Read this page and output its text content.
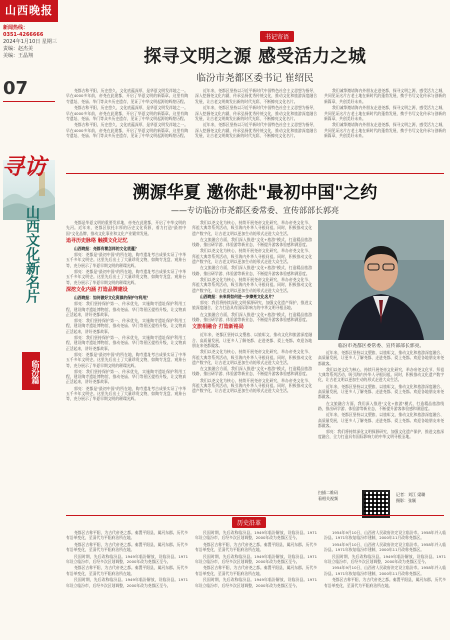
山西晚报
新闻热线：
0351-4266666
2024年1月10日 星期三
责编：赵杰美
美编：王晶翔
07
寻访
山西文化新名片
临汾篇
书记寄语
探寻文明之源 感受活力之城
临汾市尧都区委书记 崔绍民

尧都古称平阳，历史悠久，文化底蕴深厚，是华夏文明发祥地之一。早在4000多年前，帝尧在此建都，开启了华夏文明的新篇章。这里有陶寺遗址、尧庙、华门等众多历史遗存，见证了中华文明起源的辉煌历程。

尧都古称平阳，历史悠久，文化底蕴深厚，是华夏文明发祥地之一。早在4000多年前，帝尧在此建都，开启了华夏文明的新篇章。这里有陶寺遗址、尧庙、华门等众多历史遗存，见证了中华文明起源的辉煌历程。

尧都古称平阳，历史悠久，文化底蕴深厚，是华夏文明发祥地之一。早在4000多年前，帝尧在此建都，开启了华夏文明的新篇章。这里有陶寺遗址、尧庙、华门等众多历史遗存，见证了中华文明起源的辉煌历程。

近年来，尧都区坚持以习近平新时代中国特色社会主义思想为指导，深入挖掘尧文化内涵，传承弘扬优秀传统文化，推动文化和旅游深度融合发展，让古老文明焕发出新的时代光彩，不断擦亮文化名片。

近年来，尧都区坚持以习近平新时代中国特色社会主义思想为指导，深入挖掘尧文化内涵，传承弘扬优秀传统文化，推动文化和旅游深度融合发展，让古老文明焕发出新的时代光彩，不断擦亮文化名片。

近年来，尧都区坚持以习近平新时代中国特色社会主义思想为指导，深入挖掘尧文化内涵，传承弘扬优秀传统文化，推动文化和旅游深度融合发展，让古老文明焕发出新的时代光彩，不断擦亮文化名片。

我们诚挚邀请海内外朋友走进尧都，探寻文明之源，感受活力之城，共同见证这片古老土地在新时代的蓬勃发展，携手书写文化传承与创新的新篇章，共创美好未来。

我们诚挚邀请海内外朋友走进尧都，探寻文明之源，感受活力之城，共同见证这片古老土地在新时代的蓬勃发展，携手书写文化传承与创新的新篇章，共创美好未来。

我们诚挚邀请海内外朋友走进尧都，探寻文明之源，感受活力之城，共同见证这片古老土地在新时代的蓬勃发展，携手书写文化传承与创新的新篇章，共创美好未来。

溯源华夏 邀你赴"最初中国"之约
——专访临汾市尧都区委常委、宣传部部长郭亮

尧都是华夏文明的重要发祥地，帝尧在此建都，开启了中华文明的先河。近年来，尧都区依托丰厚的历史文化资源，着力打造"最初中国"文化品牌，推动文化事业和文化产业繁荣发展。

追寻历史脉络 触摸文化记忆

山西晚报：尧都有着怎样的文化底蕴？

郭亮：尧都是"最初中国"的所在地，陶寺遗址考古成果实证了中华五千多年文明史。这里先后出土了大量珍贵文物，如陶寺龙盘、观象台等，充分展示了华夏早期文明的璀璨光辉。

郭亮：尧都是"最初中国"的所在地，陶寺遗址考古成果实证了中华五千多年文明史。这里先后出土了大量珍贵文物，如陶寺龙盘、观象台等，充分展示了华夏早期文明的璀璨光辉。

深挖文化内涵 打造品牌建设

山西晚报：如何做好文化资源的保护与利用？

郭亮：我们坚持保护第一、传承优先，实施陶寺遗址保护利用工程，建设陶寺遗址博物馆，推动尧庙、华门等景区提档升级，让文物真正活起来，讲好尧都故事。

郭亮：我们坚持保护第一、传承优先，实施陶寺遗址保护利用工程，建设陶寺遗址博物馆，推动尧庙、华门等景区提档升级，让文物真正活起来，讲好尧都故事。

郭亮：我们坚持保护第一、传承优先，实施陶寺遗址保护利用工程，建设陶寺遗址博物馆，推动尧庙、华门等景区提档升级，让文物真正活起来，讲好尧都故事。

郭亮：尧都是"最初中国"的所在地，陶寺遗址考古成果实证了中华五千多年文明史。这里先后出土了大量珍贵文物，如陶寺龙盘、观象台等，充分展示了华夏早期文明的璀璨光辉。

郭亮：我们坚持保护第一、传承优先，实施陶寺遗址保护利用工程，建设陶寺遗址博物馆，推动尧庙、华门等景区提档升级，让文物真正活起来，讲好尧都故事。

郭亮：尧都是"最初中国"的所在地，陶寺遗址考古成果实证了中华五千多年文明史。这里先后出土了大量珍贵文物，如陶寺龙盘、观象台等，充分展示了华夏早期文明的璀璨光辉。

我们以尧文化为核心，持续开展尧帝文化研究，举办帝尧文化节、拜祖大典等系列活动，吸引海内外华人寻根问祖。同时，积极推动文化遗产数字化，让古老文明以更加生动的形式走进大众生活。

在文旅融合方面，我们深入推进"文化+旅游"模式，打造精品旅游线路，推出研学游、体验游等新业态，不断提升游客体验感和满意度。

我们以尧文化为核心，持续开展尧帝文化研究，举办帝尧文化节、拜祖大典等系列活动，吸引海内外华人寻根问祖。同时，积极推动文化遗产数字化，让古老文明以更加生动的形式走进大众生活。

在文旅融合方面，我们深入推进"文化+旅游"模式，打造精品旅游线路，推出研学游、体验游等新业态，不断提升游客体验感和满意度。

我们以尧文化为核心，持续开展尧帝文化研究，举办帝尧文化节、拜祖大典等系列活动，吸引海内外华人寻根问祖。同时，积极推动文化遗产数字化，让古老文明以更加生动的形式走进大众生活。

山西晚报：未来将如何进一步擦亮文化名片？

郭亮：我们将持续深化文明探源研究，加强文化遗产保护，推进文旅深度融合，全力打造具有国际影响力的中华文明寻根圣地。

在文旅融合方面，我们深入推进"文化+旅游"模式，打造精品旅游线路，推出研学游、体验游等新业态，不断提升游客体验感和满意度。

文旅相融合 打造新格局

近年来，尧都区坚持以文塑旅、以旅彰文，推动文化和旅游深度融合、高质量发展，让更多人了解尧都、走进尧都、爱上尧都。欢迎各地朋友来尧都做客。

我们以尧文化为核心，持续开展尧帝文化研究，举办帝尧文化节、拜祖大典等系列活动，吸引海内外华人寻根问祖。同时，积极推动文化遗产数字化，让古老文明以更加生动的形式走进大众生活。

在文旅融合方面，我们深入推进"文化+旅游"模式，打造精品旅游线路，推出研学游、体验游等新业态，不断提升游客体验感和满意度。

我们以尧文化为核心，持续开展尧帝文化研究，举办帝尧文化节、拜祖大典等系列活动，吸引海内外华人寻根问祖。同时，积极推动文化遗产数字化，让古老文明以更加生动的形式走进大众生活。

临汾市尧都区委常委、宣传部部长郭亮。

近年来，尧都区坚持以文塑旅、以旅彰文，推动文化和旅游深度融合、高质量发展，让更多人了解尧都、走进尧都、爱上尧都。欢迎各地朋友来尧都做客。

我们以尧文化为核心，持续开展尧帝文化研究，举办帝尧文化节、拜祖大典等系列活动，吸引海内外华人寻根问祖。同时，积极推动文化遗产数字化，让古老文明以更加生动的形式走进大众生活。

近年来，尧都区坚持以文塑旅、以旅彰文，推动文化和旅游深度融合、高质量发展，让更多人了解尧都、走进尧都、爱上尧都。欢迎各地朋友来尧都做客。

在文旅融合方面，我们深入推进"文化+旅游"模式，打造精品旅游线路，推出研学游、体验游等新业态，不断提升游客体验感和满意度。

近年来，尧都区坚持以文塑旅、以旅彰文，推动文化和旅游深度融合、高质量发展，让更多人了解尧都、走进尧都、爱上尧都。欢迎各地朋友来尧都做客。

郭亮：我们将持续深化文明探源研究，加强文化遗产保护，推进文旅深度融合，全力打造具有国际影响力的中华文明寻根圣地。

扫描二维码
看相关视频
记者：刘江 梁璐
摄影：张颖
历史沿革

尧都区古称平阳，为古代帝尧之都。秦置平阳县，属河东郡。历代多有沿革变化，至清代为平阳府治所在地。

尧都区古称平阳，为古代帝尧之都。秦置平阳县，属河东郡。历代多有沿革变化，至清代为平阳府治所在地。

民国时期，先后改称临汾县。1949年临汾解放，设临汾县。1971年设立临汾市，后经多次区划调整，2000年改为尧都区至今。

尧都区古称平阳，为古代帝尧之都。秦置平阳县，属河东郡。历代多有沿革变化，至清代为平阳府治所在地。

民国时期，先后改称临汾县。1949年临汾解放，设临汾县。1971年设立临汾市，后经多次区划调整，2000年改为尧都区至今。

民国时期，先后改称临汾县。1949年临汾解放，设临汾县。1971年设立临汾市，后经多次区划调整，2000年改为尧都区至今。

尧都区古称平阳，为古代帝尧之都。秦置平阳县，属河东郡。历代多有沿革变化，至清代为平阳府治所在地。

民国时期，先后改称临汾县。1949年临汾解放，设临汾县。1971年设立临汾市，后经多次区划调整，2000年改为尧都区至今。

尧都区古称平阳，为古代帝尧之都。秦置平阳县，属河东郡。历代多有沿革变化，至清代为平阳府治所在地。

民国时期，先后改称临汾县。1949年临汾解放，设临汾县。1971年设立临汾市，后经多次区划调整，2000年改为尧都区至今。

1954年9月10日，山西省人民政府决定设立临汾市。1958年并入临汾县。1971年恢复临汾市建制，2000年11月改称尧都区。

1954年9月10日，山西省人民政府决定设立临汾市。1958年并入临汾县。1971年恢复临汾市建制，2000年11月改称尧都区。

民国时期，先后改称临汾县。1949年临汾解放，设临汾县。1971年设立临汾市，后经多次区划调整，2000年改为尧都区至今。

1954年9月10日，山西省人民政府决定设立临汾市。1958年并入临汾县。1971年恢复临汾市建制，2000年11月改称尧都区。

尧都区古称平阳，为古代帝尧之都。秦置平阳县，属河东郡。历代多有沿革变化，至清代为平阳府治所在地。
